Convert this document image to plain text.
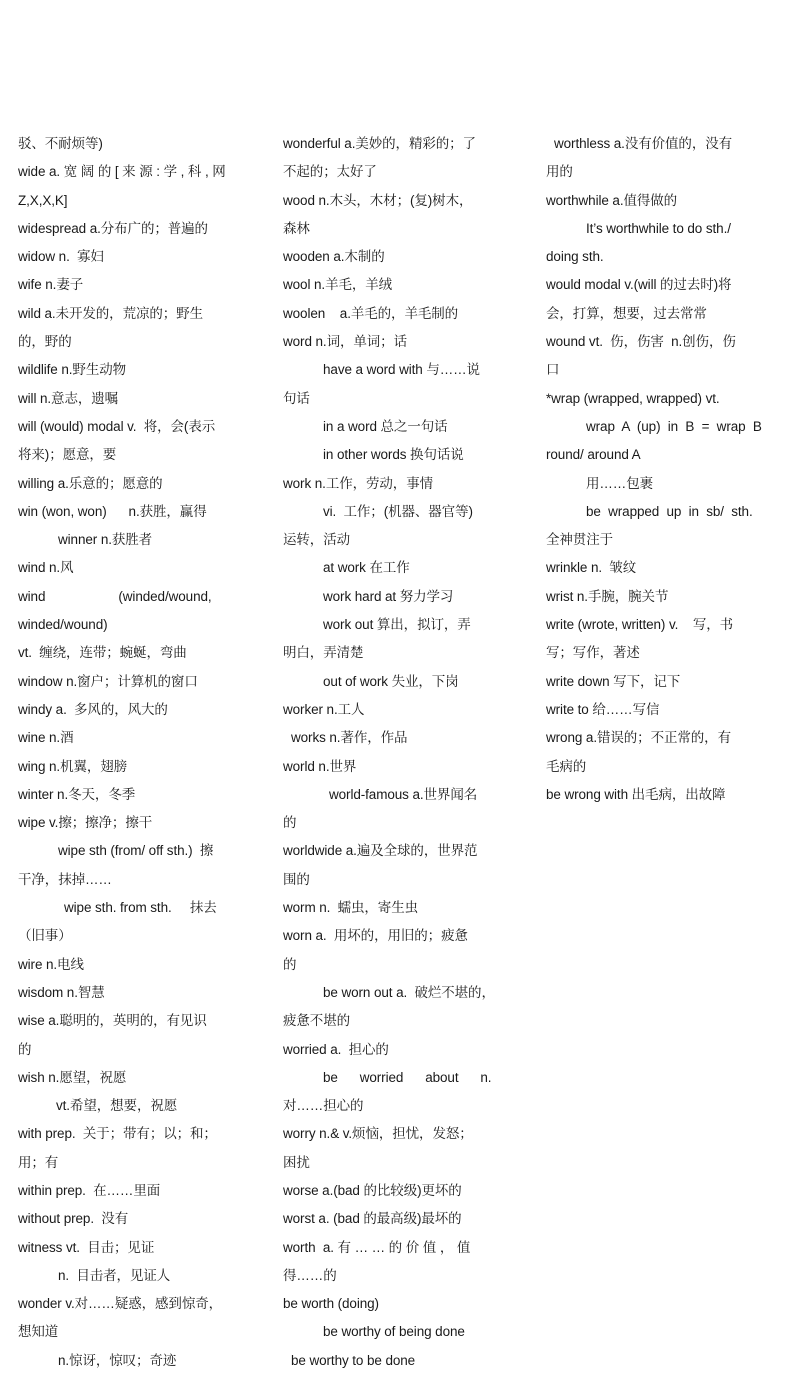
驳、不耐烦等)
wide a. 宽 阔 的 [ 来 源 : 学 , 科 , 网
Z,X,X,K]
widespread a.分布广的；普遍的
widow n.  寡妇
wife n.妻子
wild a.未开发的，荒凉的；野生
的，野的
wildlife n.野生动物
will n.意志，遗嘱
will (would) modal v.  将，会(表示
将来)；愿意，要
willing a.乐意的；愿意的
win (won, won)      n.获胜，赢得
winner n.获胜者
wind n.风
wind                    (winded/wound,
winded/wound)
vt.  缠绕，连带；蜿蜒，弯曲
window n.窗户；计算机的窗口
windy a.  多风的，风大的
wine n.酒
wing n.机翼，翅膀
winter n.冬天，冬季
wipe v.擦；擦净；擦干
wipe sth (from/ off sth.)  擦
干净，抹掉……
wipe sth. from sth.     抹去
（旧事）
wire n.电线
wisdom n.智慧
wise a.聪明的，英明的，有见识
的
wish n.愿望，祝愿
vt.希望，想要，祝愿
with prep.  关于；带有；以；和；
用；有
within prep.  在……里面
without prep.  没有
witness vt.  目击；见证
n.  目击者，见证人
wonder v.对……疑惑，感到惊奇，
想知道
n.惊讶，惊叹；奇迹
wonderful a.美妙的，精彩的；了
不起的；太好了
wood n.木头，木材；(复)树木，
森林
wooden a.木制的
wool n.羊毛，羊绒
woolen    a.羊毛的，羊毛制的
word n.词，单词；话
have a word with 与……说
句话
in a word 总之一句话
in other words 换句话说
work n.工作，劳动，事情
vi.  工作；(机器、器官等)
运转，活动
at work 在工作
work hard at 努力学习
work out 算出，拟订，弄
明白，弄清楚
out of work 失业，下岗
worker n.工人
works n.著作，作品
world n.世界
world-famous a.世界闻名
的
worldwide a.遍及全球的，世界范
围的
worm n.  蠕虫，寄生虫
worn a.  用坏的，用旧的；疲惫
的
be worn out a.  破烂不堪的，
疲惫不堪的
worried a.  担心的
be      worried      about      n.
对……担心的
worry n.& v.烦恼，担忧，发怒；
困扰
worse a.(bad 的比较级)更坏的
worst a. (bad 的最高级)最坏的
worth  a. 有 … … 的 价 值 ， 值
得……的
be worth (doing)
be worthy of being done
be worthy to be done
worthless a.没有价值的，没有
用的
worthwhile a.值得做的
It’s worthwhile to do sth./
doing sth.
would modal v.(will 的过去时)将
会，打算，想要，过去常常
wound vt.  伤，伤害  n.创伤，伤
口
*wrap (wrapped, wrapped) vt.
wrap  A  (up)  in  B  =  wrap  B
round/ around A
用……包裹
be  wrapped  up  in  sb/  sth.
全神贯注于
wrinkle n.  皱纹
wrist n.手腕，腕关节
write (wrote, written) v.    写，书
写；写作，著述
write down 写下，记下
write to 给……写信
wrong a.错误的；不正常的，有
毛病的
be wrong with 出毛病，出故障
